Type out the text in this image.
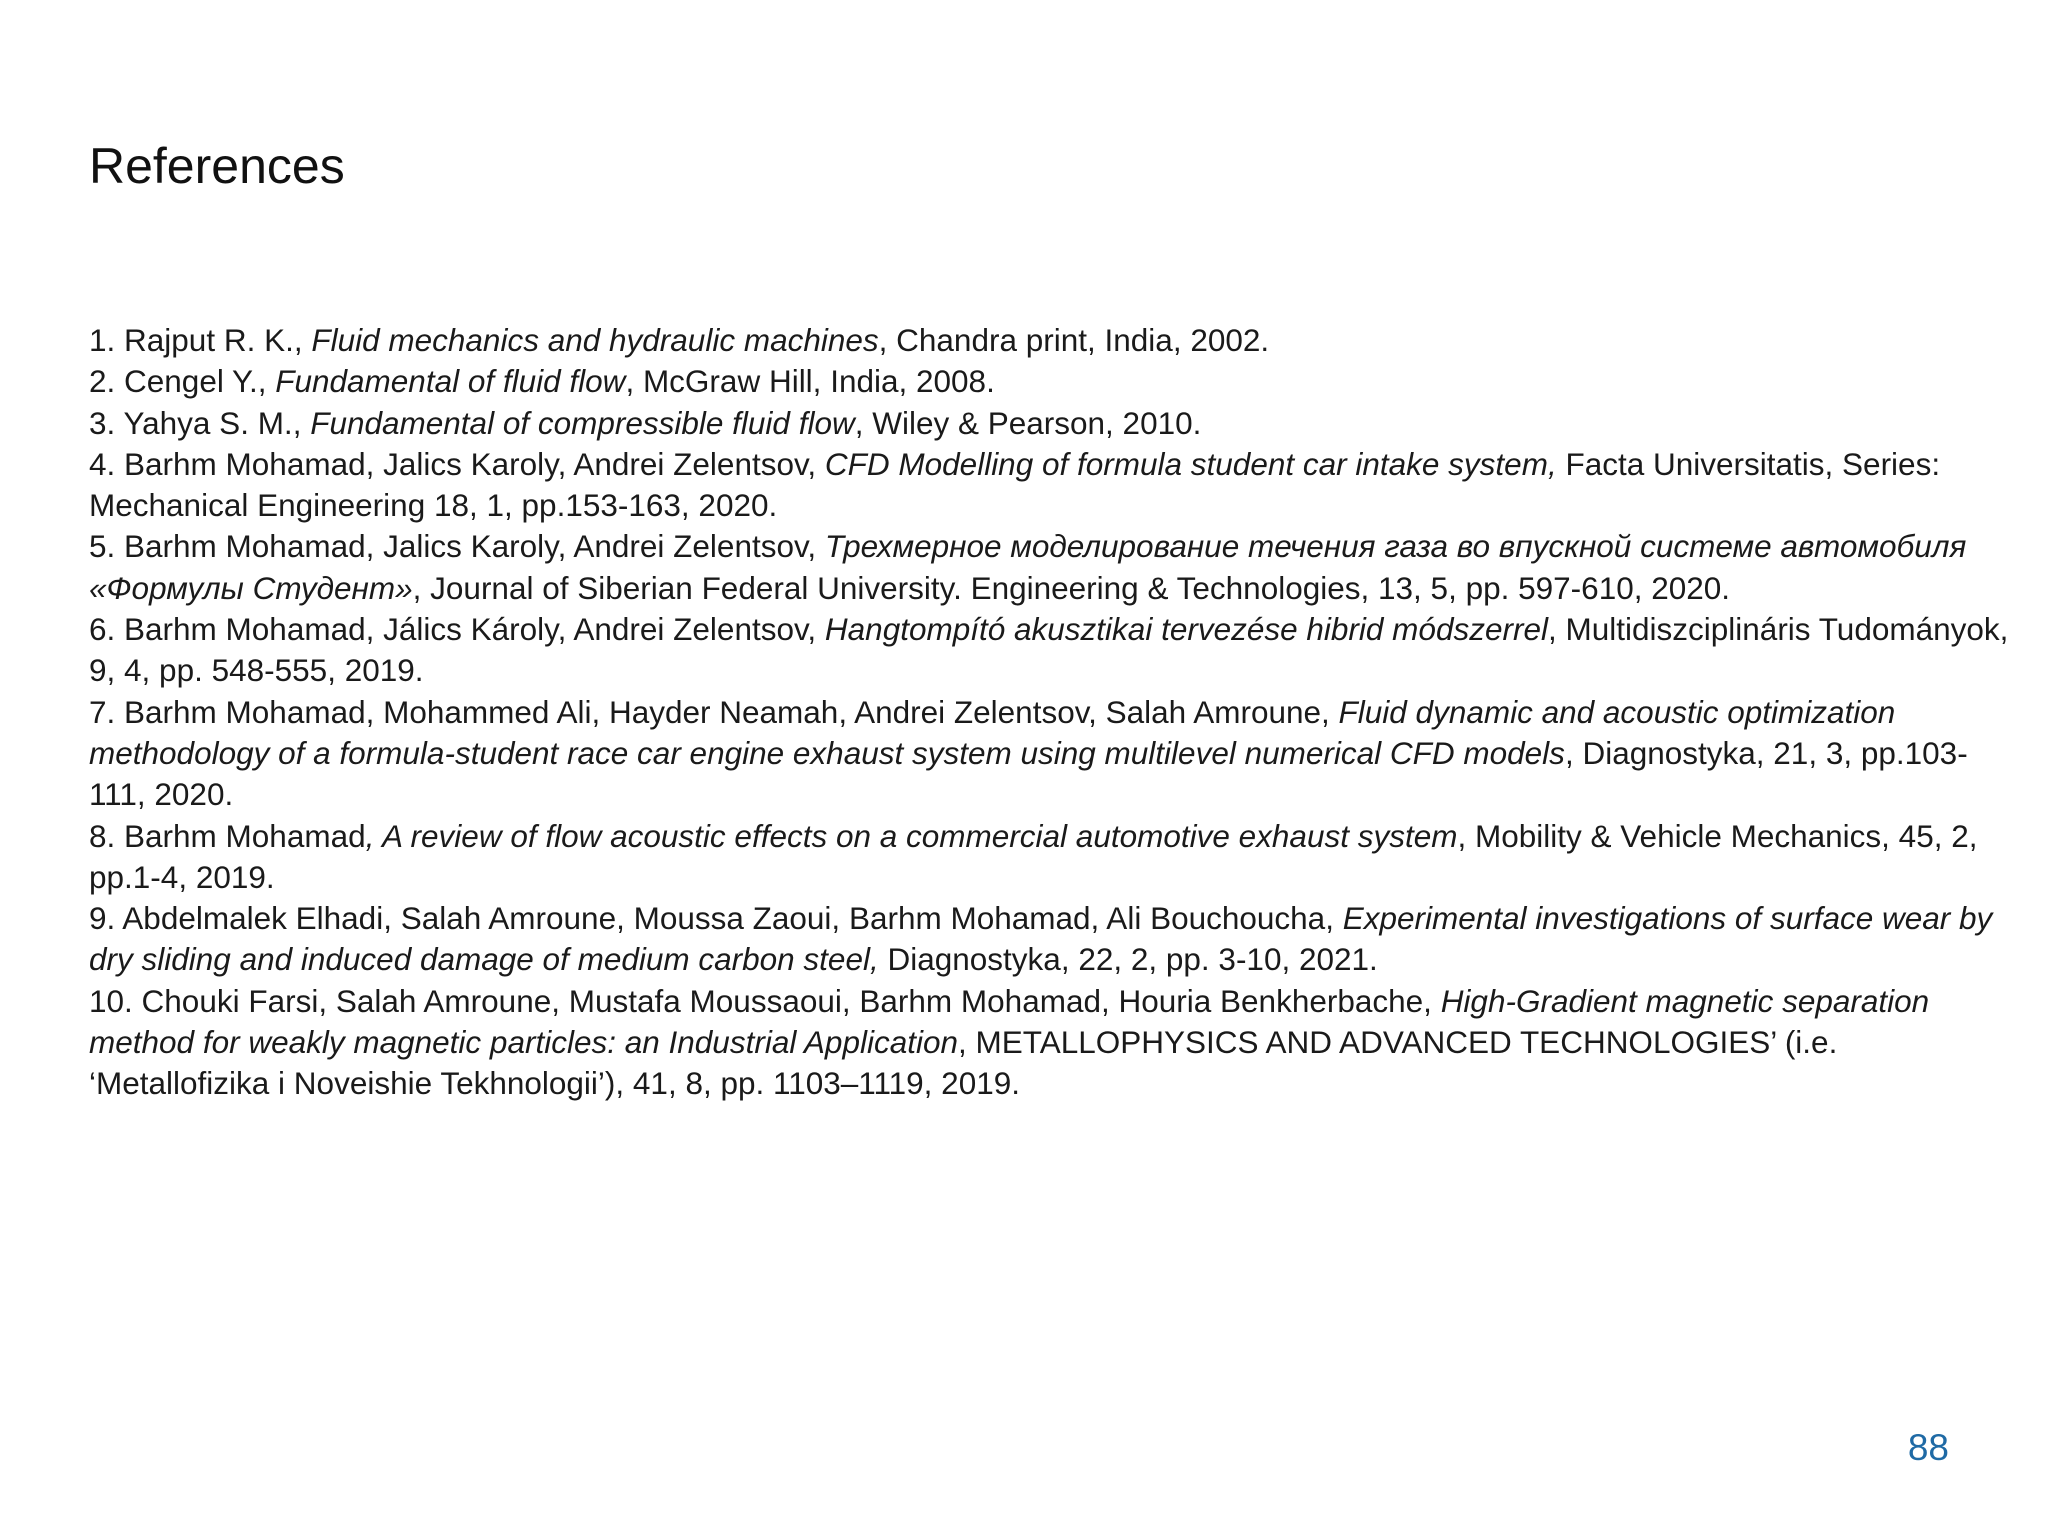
References
1. Rajput R. K., Fluid mechanics and hydraulic machines, Chandra print, India, 2002.
2. Cengel Y., Fundamental of fluid flow, McGraw Hill, India, 2008.
3. Yahya S. M., Fundamental of compressible fluid flow, Wiley & Pearson, 2010.
4. Barhm Mohamad, Jalics Karoly, Andrei Zelentsov, CFD Modelling of formula student car intake system, Facta Universitatis, Series: Mechanical Engineering 18, 1, pp.153-163, 2020.
5. Barhm Mohamad, Jalics Karoly, Andrei Zelentsov, Трехмерное моделирование течения газа во впускной системе автомобиля «Формулы Студент», Journal of Siberian Federal University. Engineering & Technologies, 13, 5, pp. 597-610, 2020.
6. Barhm Mohamad, Jálics Károly, Andrei Zelentsov, Hangtompító akusztikai tervezése hibrid módszerrel, Multidiszciplináris Tudományok, 9, 4, pp. 548-555, 2019.
7. Barhm Mohamad, Mohammed Ali, Hayder Neamah, Andrei Zelentsov, Salah Amroune, Fluid dynamic and acoustic optimization methodology of a formula-student race car engine exhaust system using multilevel numerical CFD models, Diagnostyka, 21, 3, pp.103-111, 2020.
8. Barhm Mohamad, A review of flow acoustic effects on a commercial automotive exhaust system, Mobility & Vehicle Mechanics, 45, 2, pp.1-4, 2019.
9. Abdelmalek Elhadi, Salah Amroune, Moussa Zaoui, Barhm Mohamad, Ali Bouchoucha, Experimental investigations of surface wear by dry sliding and induced damage of medium carbon steel, Diagnostyka, 22, 2, pp. 3-10, 2021.
10. Chouki Farsi, Salah Amroune, Mustafa Moussaoui, Barhm Mohamad, Houria Benkherbache, High-Gradient magnetic separation method for weakly magnetic particles: an Industrial Application, METALLOPHYSICS AND ADVANCED TECHNOLOGIES’ (i.e. ‘Metallofizika i Noveishie Tekhnologii’), 41, 8, pp. 1103–1119, 2019.
88
